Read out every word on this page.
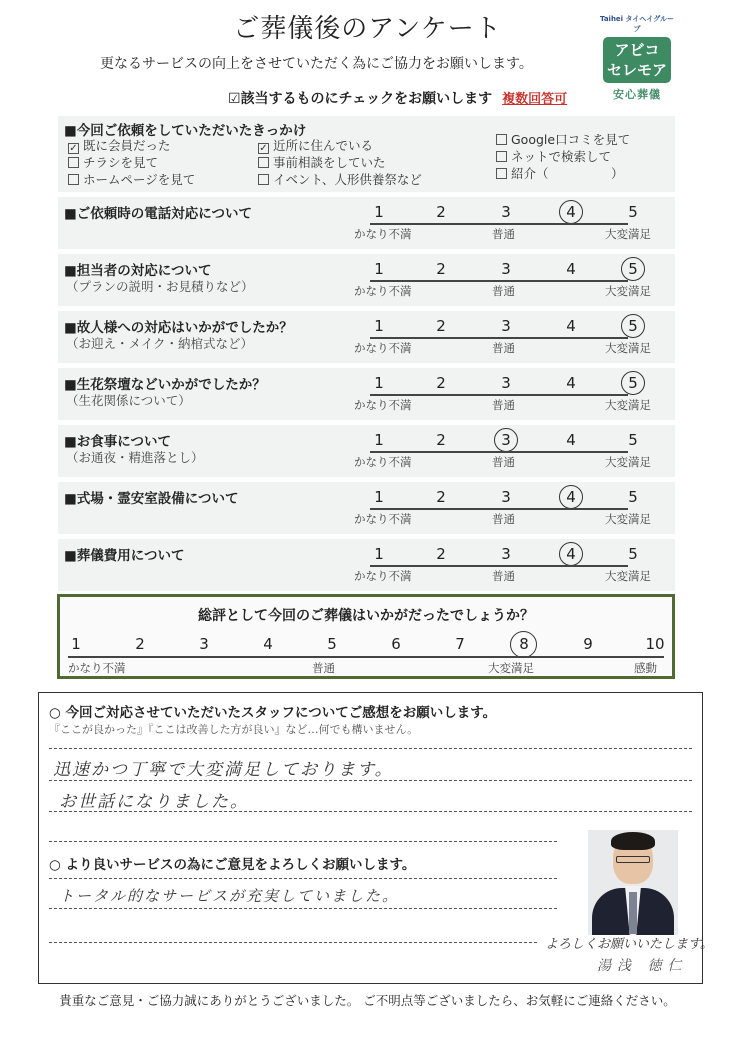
ご葬儀後のアンケート
更なるサービスの向上をさせていただく為にご協力をお願いします。
☑該当するものにチェックをお願いします 複数回答可
Taihei タイヘイグループ
アビコ
セレモア
安心葬儀
■今回ご依頼をしていただいたきっかけ
✓ 既に会員だった
チラシを見て
ホームページを見て
✓ 近所に住んでいる
事前相談をしていた
イベント、人形供養祭など
Google口コミを見て
ネットで検索して
紹介（　　　　　）
■ご依頼時の電話対応について	1	2	3	4	5
かなり不満	普通	大変満足
■担当者の対応について
（プランの説明・お見積りなど）
1	2	3	4	5
かなり不満	普通	大変満足
■故人様への対応はいかがでしたか？
（お迎え・メイク・納棺式など）
1	2	3	4	5
かなり不満	普通	大変満足
■生花祭壇などいかがでしたか？
（生花関係について）
1	2	3	4	5
かなり不満	普通	大変満足
■お食事について
（お通夜・精進落とし）
1	2	3	4	5
かなり不満	普通	大変満足
■式場・霊安室設備について	1	2	3	4	5
かなり不満	普通	大変満足
■葬儀費用について	1	2	3	4	5
かなり不満	普通	大変満足
総評として今回のご葬儀はいかがだったでしょうか？
1	2	3	4	5	6	7	8	9	10
かなり不満	普通	大変満足	感動
○ 今回ご対応させていただいたスタッフについてご感想をお願いします。
『ここが良かった』『ここは改善した方が良い』など…何でも構いません。
迅速かつ丁寧で大変満足しております。
お世話になりました。
○ より良いサービスの為にご意見をよろしくお願いします。
トータル的なサービスが充実していました。
よろしくお願いいたします。
湯浅 徳仁
貴重なご意見・ご協力誠にありがとうございました。 ご不明点等ございましたら、お気軽にご連絡ください。
